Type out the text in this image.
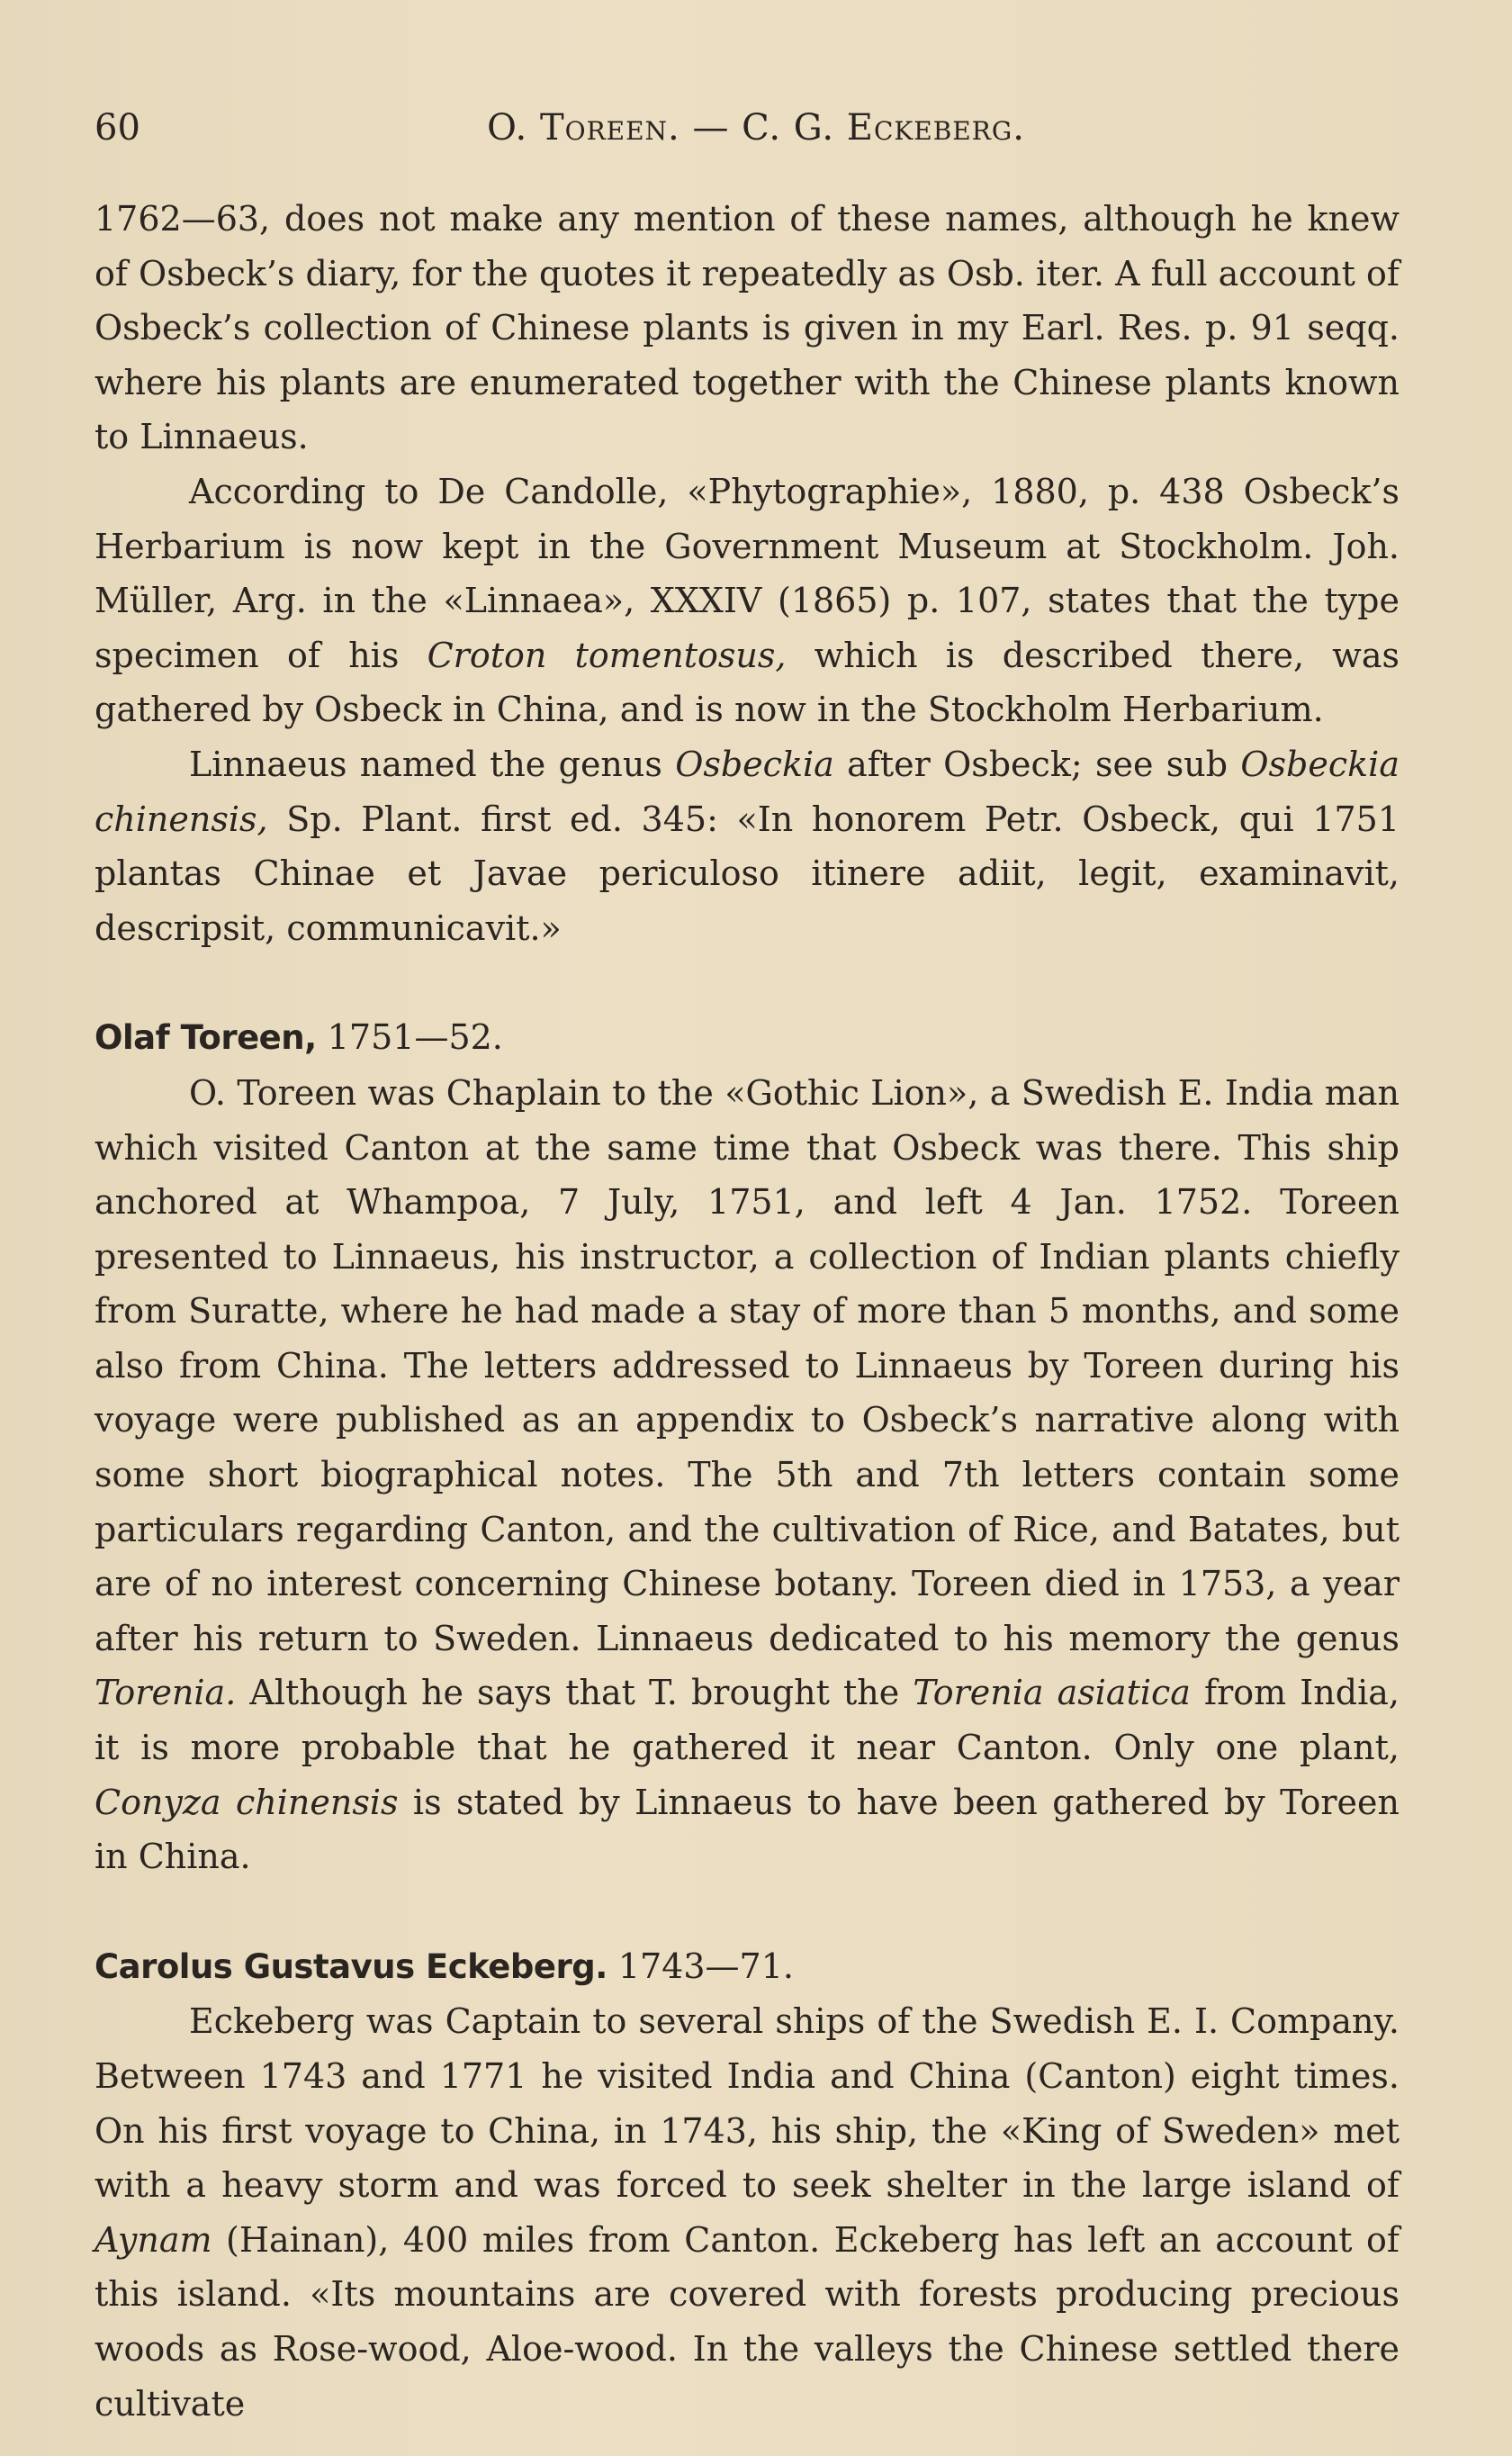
60	O. Toreen. — C. G. Eckeberg.

1762—63, does not make any mention of these names, although he knew of Osbeck’s diary, for the quotes it repeatedly as Osb. iter. A full account of Osbeck’s collection of Chinese plants is given in my Earl. Res. p. 91 seqq. where his plants are enumerated together with the Chinese plants known to Linnaeus.

According to De Candolle, «Phytographie», 1880, p. 438 Osbeck’s Herbarium is now kept in the Government Museum at Stockholm. Joh. Müller, Arg. in the «Linnaea», XXXIV (1865) p. 107, states that the type specimen of his Croton tomentosus, which is described there, was gathered by Osbeck in China, and is now in the Stockholm Herbarium.

Linnaeus named the genus Osbeckia after Osbeck; see sub Osbeckia chinensis, Sp. Plant. first ed. 345: «In honorem Petr. Osbeck, qui 1751 plantas Chinae et Javae periculoso itinere adiit, legit, examinavit, descripsit, communicavit.»

Olaf Toreen, 1751—52.

O. Toreen was Chaplain to the «Gothic Lion», a Swedish E. India man which visited Canton at the same time that Osbeck was there. This ship anchored at Whampoa, 7 July, 1751, and left 4 Jan. 1752. Toreen presented to Linnaeus, his instructor, a collection of Indian plants chiefly from Suratte, where he had made a stay of more than 5 months, and some also from China. The letters addressed to Linnaeus by Toreen during his voyage were published as an appendix to Osbeck’s narrative along with some short biographical notes. The 5th and 7th letters contain some particulars regarding Canton, and the cultivation of Rice, and Batates, but are of no interest concerning Chinese botany. Toreen died in 1753, a year after his return to Sweden. Linnaeus dedicated to his memory the genus Torenia. Although he says that T. brought the Torenia asiatica from India, it is more probable that he gathered it near Canton. Only one plant, Conyza chinensis is stated by Linnaeus to have been gathered by Toreen in China.

Carolus Gustavus Eckeberg. 1743—71.

Eckeberg was Captain to several ships of the Swedish E. I. Company. Between 1743 and 1771 he visited India and China (Canton) eight times. On his first voyage to China, in 1743, his ship, the «King of Sweden» met with a heavy storm and was forced to seek shelter in the large island of Aynam (Hainan), 400 miles from Canton. Eckeberg has left an account of this island. «Its mountains are covered with forests producing precious woods as Rose-wood, Aloe-wood. In the valleys the Chinese settled there cultivate
